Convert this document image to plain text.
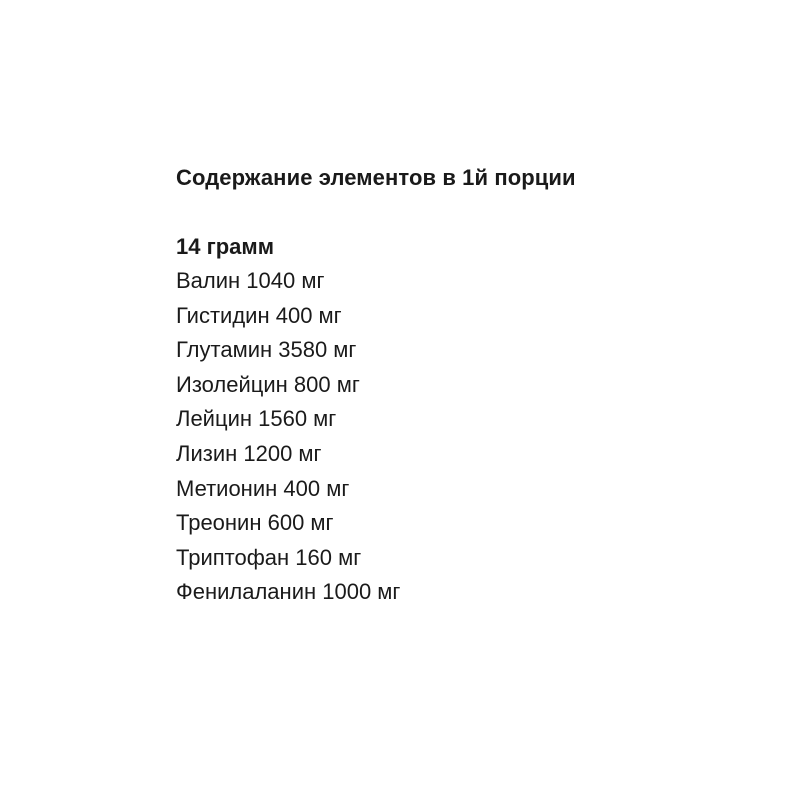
Содержание элементов в 1й порции
14 грамм
Валин 1040 мг
Гистидин 400 мг
Глутамин 3580 мг
Изолейцин 800 мг
Лейцин 1560 мг
Лизин 1200 мг
Метионин 400 мг
Треонин 600 мг
Триптофан 160 мг
Фенилаланин 1000 мг
